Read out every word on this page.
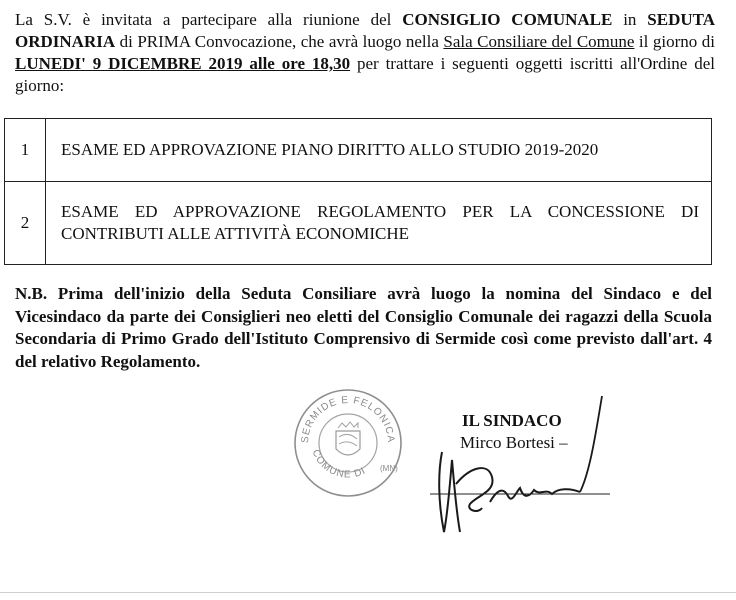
La S.V. è invitata a partecipare alla riunione del CONSIGLIO COMUNALE in SEDUTA ORDINARIA di PRIMA Convocazione, che avrà luogo nella Sala Consiliare del Comune il giorno di LUNEDI' 9 DICEMBRE 2019 alle ore 18,30 per trattare i seguenti oggetti iscritti all'Ordine del giorno:
1	ESAME ED APPROVAZIONE PIANO DIRITTO ALLO STUDIO 2019-2020
2	ESAME ED APPROVAZIONE REGOLAMENTO PER LA CONCESSIONE DI CONTRIBUTI ALLE ATTIVITÀ ECONOMICHE
N.B. Prima dell'inizio della Seduta Consiliare avrà luogo la nomina del Sindaco e del Vicesindaco da parte dei Consiglieri neo eletti del Consiglio Comunale dei ragazzi della Scuola Secondaria di Primo Grado dell'Istituto Comprensivo di Sermide così come previsto dall'art. 4 del relativo Regolamento.
SERMIDE E FELONICA
COMUNE DI (MN)
IL SINDACO
Mirco Bortesi –
